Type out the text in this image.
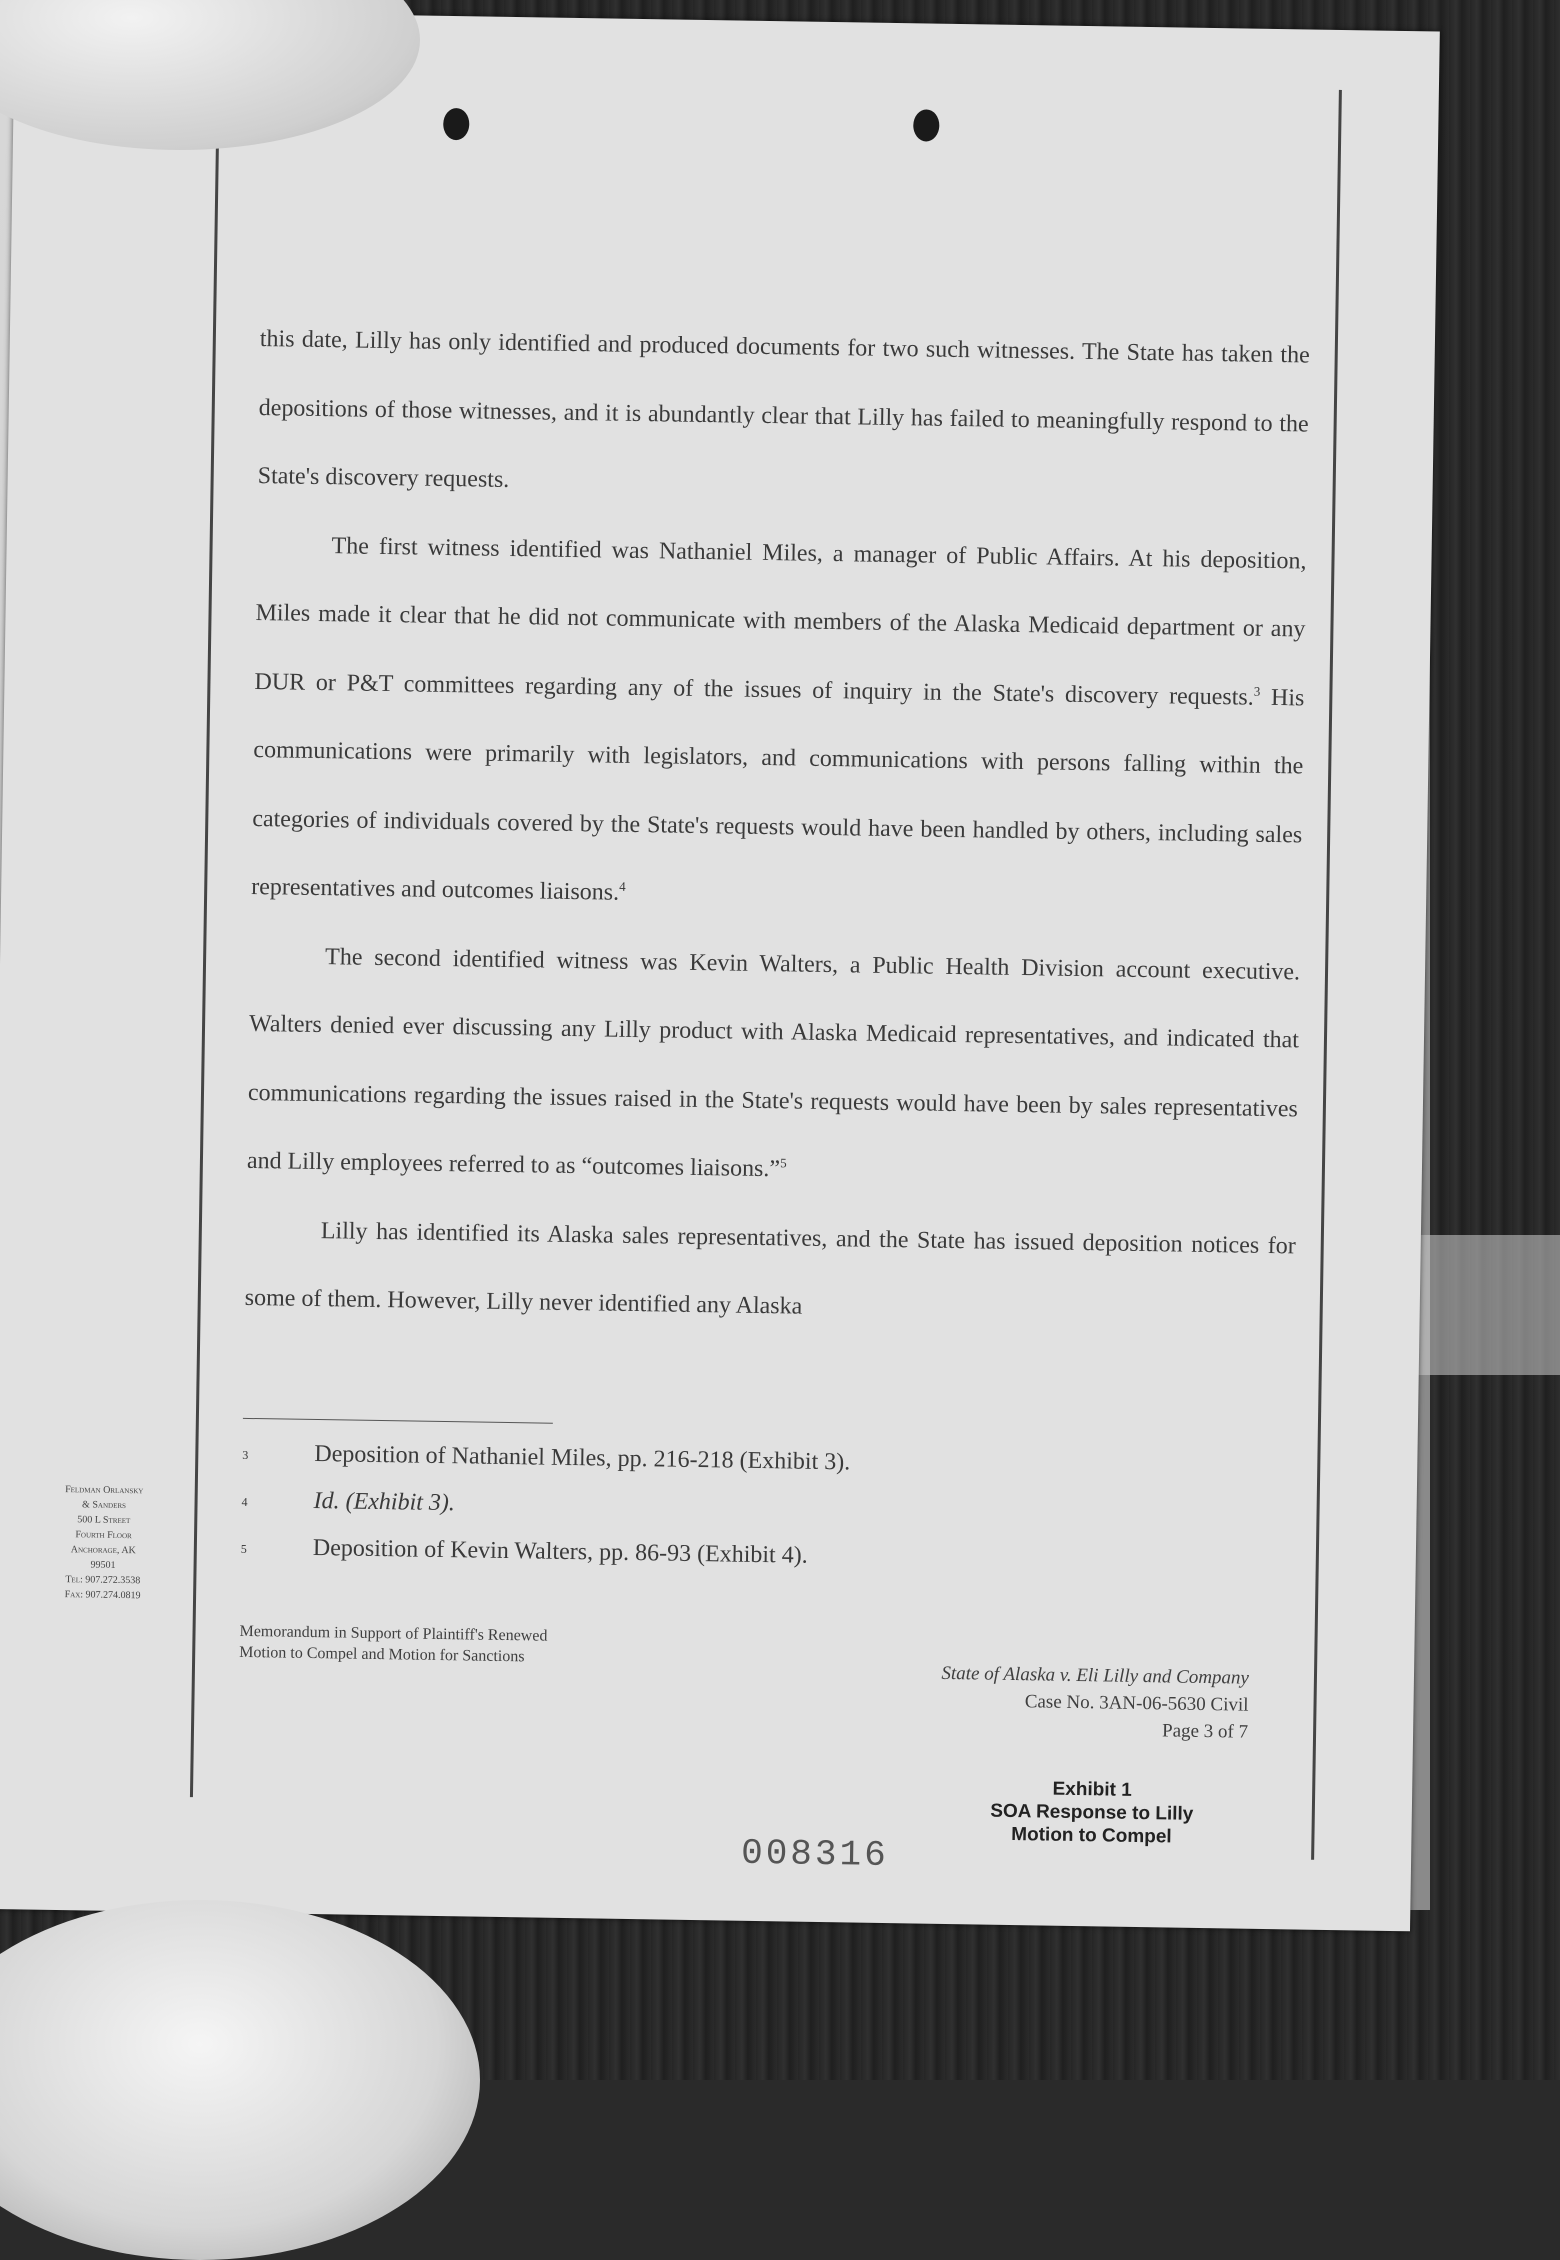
this date, Lilly has only identified and produced documents for two such witnesses. The State has taken the depositions of those witnesses, and it is abundantly clear that Lilly has failed to meaningfully respond to the State's discovery requests.

The first witness identified was Nathaniel Miles, a manager of Public Affairs. At his deposition, Miles made it clear that he did not communicate with members of the Alaska Medicaid department or any DUR or P&T committees regarding any of the issues of inquiry in the State's discovery requests.$^3$ His communications were primarily with legislators, and communications with persons falling within the categories of individuals covered by the State's requests would have been handled by others, including sales representatives and outcomes liaisons.$^4$

The second identified witness was Kevin Walters, a Public Health Division account executive. Walters denied ever discussing any Lilly product with Alaska Medicaid representatives, and indicated that communications regarding the issues raised in the State's requests would have been by sales representatives and Lilly employees referred to as “outcomes liaisons.”$^5$

Lilly has identified its Alaska sales representatives, and the State has issued deposition notices for some of them. However, Lilly never identified any Alaska

3	Deposition of Nathaniel Miles, pp. 216-218 (Exhibit 3).
4	Id. (Exhibit 3).
5	Deposition of Kevin Walters, pp. 86-93 (Exhibit 4).
Feldman Orlansky
& Sanders
500 L Street
Fourth Floor
Anchorage, AK
99501
Tel: 907.272.3538
Fax: 907.274.0819
Memorandum in Support of Plaintiff's Renewed
Motion to Compel and Motion for Sanctions
State of Alaska v. Eli Lilly and Company
Case No. 3AN-06-5630 Civil
Page 3 of 7
Exhibit 1
SOA Response to Lilly
Motion to Compel
008316
